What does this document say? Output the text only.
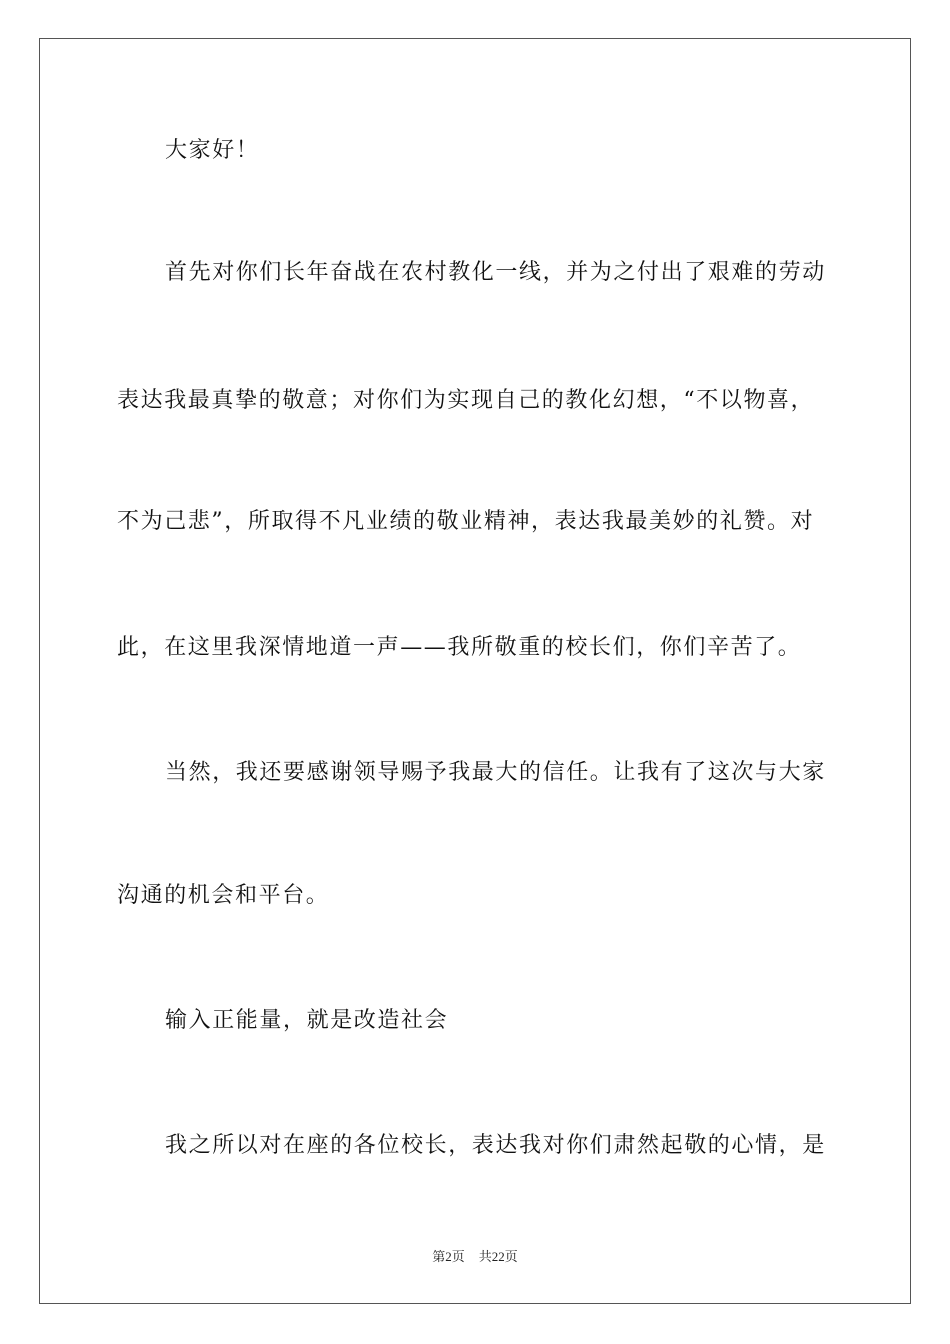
大家好！
首先对你们长年奋战在农村教化一线，并为之付出了艰难的劳动
表达我最真挚的敬意；对你们为实现自己的教化幻想，“不以物喜，
不为己悲”，所取得不凡业绩的敬业精神，表达我最美妙的礼赞。对
此，在这里我深情地道一声——我所敬重的校长们，你们辛苦了。
当然，我还要感谢领导赐予我最大的信任。让我有了这次与大家
沟通的机会和平台。
输入正能量，就是改造社会
我之所以对在座的各位校长，表达我对你们肃然起敬的心情，是
第2页 共22页
